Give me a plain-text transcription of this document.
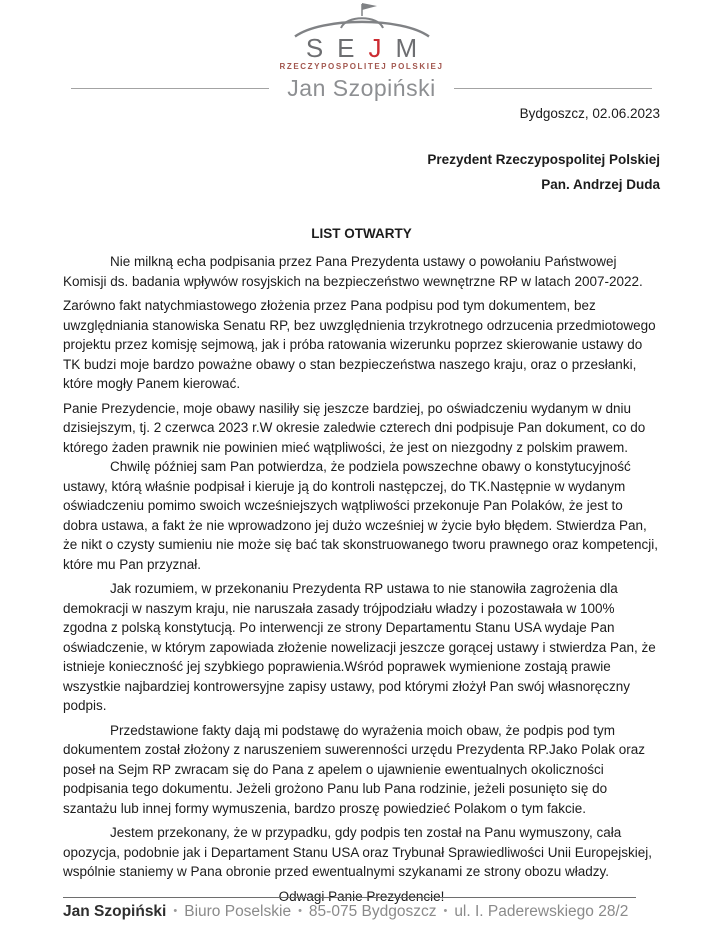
SEJM
RZECZYPOSPOLITEJ POLSKIEJ
Jan Szopiński
Bydgoszcz, 02.06.2023
Prezydent Rzeczypospolitej Polskiej
Pan. Andrzej Duda
LIST OTWARTY

Nie milkną echa podpisania przez Pana Prezydenta ustawy o powołaniu Państwowej Komisji ds. badania wpływów rosyjskich na bezpieczeństwo wewnętrzne RP w latach 2007-2022.

Zarówno fakt natychmiastowego złożenia przez Pana podpisu pod tym dokumentem, bez uwzględniania stanowiska Senatu RP, bez uwzględnienia trzykrotnego odrzucenia przedmiotowego projektu przez komisję sejmową, jak i próba ratowania wizerunku poprzez skierowanie ustawy do TK budzi moje bardzo poważne obawy o stan bezpieczeństwa naszego kraju, oraz o przesłanki, które mogły Panem kierować.

Panie Prezydencie, moje obawy nasiliły się jeszcze bardziej, po oświadczeniu wydanym w dniu dzisiejszym, tj. 2 czerwca 2023 r.W okresie zaledwie czterech dni podpisuje Pan dokument, co do którego żaden prawnik nie powinien mieć wątpliwości, że jest on niezgodny z polskim prawem.

Chwilę później sam Pan potwierdza, że podziela powszechne obawy o konstytucyjność ustawy, którą właśnie podpisał i kieruje ją do kontroli następczej, do TK.Następnie w wydanym oświadczeniu pomimo swoich wcześniejszych wątpliwości przekonuje Pan Polaków, że jest to dobra ustawa, a fakt że nie wprowadzono jej dużo wcześniej w życie było błędem. Stwierdza Pan, że nikt o czysty sumieniu nie może się bać tak skonstruowanego tworu prawnego oraz kompetencji, które mu Pan przyznał.

Jak rozumiem, w przekonaniu Prezydenta RP ustawa to nie stanowiła zagrożenia dla demokracji w naszym kraju, nie naruszała zasady trójpodziału władzy i pozostawała w 100% zgodna z polską konstytucją. Po interwencji ze strony Departamentu Stanu USA wydaje Pan oświadczenie, w którym zapowiada złożenie nowelizacji jeszcze gorącej ustawy i stwierdza Pan, że istnieje konieczność jej szybkiego poprawienia.Wśród poprawek wymienione zostają prawie wszystkie najbardziej kontrowersyjne zapisy ustawy, pod którymi złożył Pan swój własnoręczny podpis.

Przedstawione fakty dają mi podstawę do wyrażenia moich obaw, że podpis pod tym dokumentem został złożony z naruszeniem suwerenności urzędu Prezydenta RP.Jako Polak oraz poseł na Sejm RP zwracam się do Pana z apelem o ujawnienie ewentualnych okoliczności podpisania tego dokumentu. Jeżeli grożono Panu lub Pana rodzinie, jeżeli posunięto się do szantażu lub innej formy wymuszenia, bardzo proszę powiedzieć Polakom o tym fakcie.

Jestem przekonany, że w przypadku, gdy podpis ten został na Panu wymuszony, cała opozycja, podobnie jak i Departament Stanu USA oraz Trybunał Sprawiedliwości Unii Europejskiej, wspólnie staniemy w Pana obronie przed ewentualnymi szykanami ze strony obozu władzy.

Odwagi Panie Prezydencie!

Jan Szopiński • Biuro Poselskie • 85-075 Bydgoszcz • ul. I. Paderewskiego 28/2
